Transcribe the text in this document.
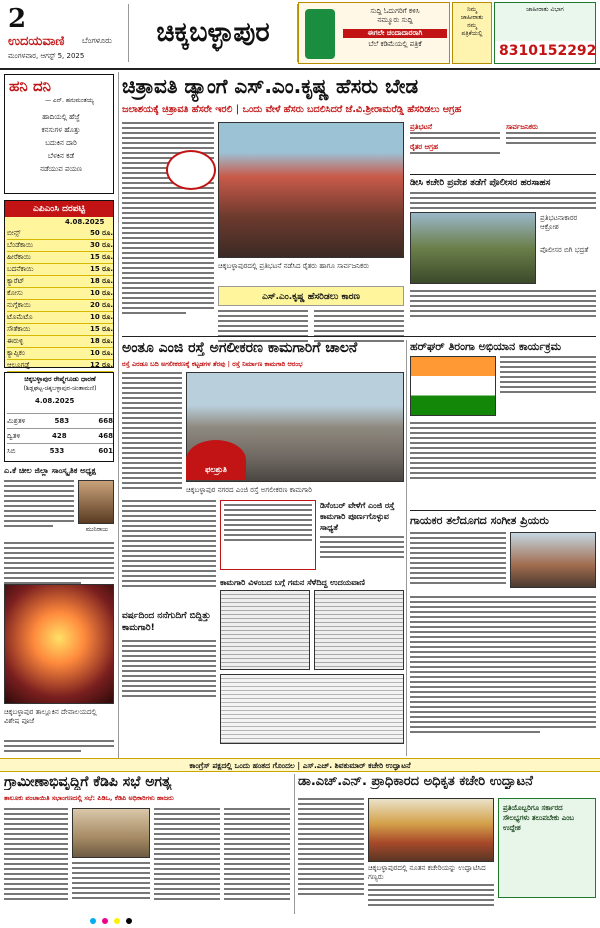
2
ಉದಯವಾಣಿ ಬೆಂಗಳೂರು
ಮಂಗಳವಾರ, ಆಗಸ್ಟ್ 5, 2025
ಚಿಕ್ಕಬಳ್ಳಾಪುರ
ಸುದ್ದಿ ಓದುಗರಿಗೆ ಕಳಿಸಿ
ನಮ್ಮೂರು ಸುದ್ದಿ
ಈಗಲೇ ಚಂದಾದಾರರಾಗಿ
ಬೆಲೆ ಕಡಿಮೆಯಲ್ಲಿ ಪತ್ರಿಕೆ
ನಿಮ್ಮ ಜಾಹೀರಾತು
ನಮ್ಮ ಪತ್ರಿಕೆಯಲ್ಲಿ
ಜಾಹೀರಾತು ವಿಭಾಗ
8310152292
ಹನಿ ದನಿ
— ಎನ್. ಹನುಮಂತಯ್ಯ
ಹಾದಿಯಲ್ಲಿ ಹೆಜ್ಜೆ
ಕನಸುಗಳ ಹೊತ್ತು
ಬದುಕಿನ ದಾರಿ
ಬೆಳಕಿನ ಕಡೆ
ನಡೆಯುವ ಪಯಣ
ಎಪಿಎಂಸಿ ದರಪಟ್ಟಿ
4.08.2025
ಬೀನ್ಸ್	50 ರೂ.
ಬೆಂಡೆಕಾಯಿ	30 ರೂ.
ಹೀರೆಕಾಯಿ	15 ರೂ.
ಬದನೆಕಾಯಿ	15 ರೂ.
ಕ್ಯಾರೆಟ್	18 ರೂ.
ಕೋಸು	10 ರೂ.
ನುಗ್ಗೆಕಾಯಿ	20 ರೂ.
ಟೊಮೆಟೊ	10 ರೂ.
ಸೌತೆಕಾಯಿ	15 ರೂ.
ಈರುಳ್ಳಿ	18 ರೂ.
ಕ್ಯಾಪ್ಸಿಕಂ	10 ರೂ.
ಆಲೂಗಡ್ಡೆ	12 ರೂ.
ಚಿಕ್ಕಬಳ್ಳಾಪುರ ರೇಷ್ಮೆಗೂಡು ಧಾರಣೆ
(ಶಿಡ್ಲಘಟ್ಟ-ಚಿಕ್ಕಬಳ್ಳಾಪುರ-ಚಿಂತಾಮಣಿ)
4.08.2025
ಮಿಶ್ರತಳಿ	583	668
ದ್ವಿತಳಿ	428	468
ಸಿಬಿ	533	601
ಎ.ಕೆ ಚೀಲ ಜಿಲ್ಲಾ ಸಾಂಸ್ಕೃತಿಕ ಅಧ್ಯಕ್ಷ
ಮುನಿರಾಜು
ಚಿಕ್ಕಬಳ್ಳಾಪುರ ತಾಲ್ಲೂಕಿನ ದೇವಾಲಯದಲ್ಲಿ ವಿಶೇಷ ಪೂಜೆ
ಚಿತ್ರಾವತಿ ಡ್ಯಾಂಗೆ ಎಸ್.ಎಂ.ಕೃಷ್ಣ ಹೆಸರು ಬೇಡ
ಜಲಾಶಯಕ್ಕೆ ಚಿತ್ರಾವತಿ ಹೆಸರೇ ಇರಲಿ | ಒಂದು ವೇಳೆ ಹೆಸರು ಬದಲಿಸಿದರೆ ಜೆ.ವಿ.ಶ್ರೀರಾಮರೆಡ್ಡಿ ಹೆಸರಿಡಲು ಆಗ್ರಹ
ಚಿಕ್ಕಬಳ್ಳಾಪುರದಲ್ಲಿ ಪ್ರತಿಭಟನೆ ನಡೆಸಿದ ರೈತರು ಹಾಗೂ ಸಾರ್ವಜನಿಕರು
ಎಸ್.ಎಂ.ಕೃಷ್ಣ ಹೆಸರಿಡಲು ಕಾರಣ
ಪ್ರತಿಭಟನೆ
ರೈತರ ಆಗ್ರಹ
ಸಾರ್ವಜನಿಕರು
ಡೀಸಿ ಕಚೇರಿ ಪ್ರವೇಶ ತಡೆಗೆ ಪೊಲೀಸರ ಹರಸಾಹಸ
ಪ್ರತಿಭಟನಾಕಾರರ ಆಕ್ರೋಶ
ಪೊಲೀಸರ ಬಿಗಿ ಭದ್ರತೆ
ಅಂತೂ ಎಂಜಿ ರಸ್ತೆ ಅಗಲೀಕರಣ ಕಾಮಗಾರಿಗೆ ಚಾಲನೆ
ರಸ್ತೆ ಎರಡೂ ಬದಿ ಅಗಲೀಕರಣಕ್ಕೆ ಕಟ್ಟಡಗಳ ತೆರವು | ರಸ್ತೆ ನಿರ್ಮಾಣ ಕಾಮಗಾರಿ ಆರಂಭ
ಫಲಶ್ರುತಿ
ಚಿಕ್ಕಬಳ್ಳಾಪುರ ನಗರದ ಎಂಜಿ ರಸ್ತೆ ಅಗಲೀಕರಣ ಕಾಮಗಾರಿ
ಡಿಸೆಂಬರ್ ವೇಳೆಗೆ ಎಂಜಿ ರಸ್ತೆ ಕಾಮಗಾರಿ ಪೂರ್ಣಗೊಳ್ಳುವ ಸಾಧ್ಯತೆ
ವರ್ಷದಿಂದ ನನೆಗುದಿಗೆ ಬಿದ್ದಿತ್ತು ಕಾಮಗಾರಿ!
ಕಾಮಗಾರಿ ವಿಳಂಬದ ಬಗ್ಗೆ ಗಮನ ಸೆಳೆದಿದ್ದ ಉದಯವಾಣಿ
ಹರ್‌ಘರ್ ತಿರಂಗಾ ಅಭಿಯಾನ ಕಾರ್ಯಕ್ರಮ
ಗಾಯಕರ ತಲೆದೂಗದ ಸಂಗೀತ ಪ್ರಿಯರು
ಕಾಂಗ್ರೆಸ್ ಪಕ್ಷದಲ್ಲಿ ಒಂದು ಹಂತದ ಗೊಂದಲ | ಎಸ್.ಎಚ್. ಶಿವಕುಮಾರ್ ಕಚೇರಿ ಉದ್ಘಾಟನೆ
ಗ್ರಾಮೀಣಾಭಿವೃದ್ಧಿಗೆ ಕೆಡಿಪಿ ಸಭೆ ಅಗತ್ಯ
ತಾಲೂಕು ಪಂಚಾಯಿತಿ ಸಭಾಂಗಣದಲ್ಲಿ ಸಭೆ: ಪಿಡಿಒ, ಕೆಡಿಪಿ ಅಧಿಕಾರಿಗಳು ಹಾಜರು
ಡಾ.ಎಚ್.ಎನ್. ಪ್ರಾಧಿಕಾರದ ಅಧಿಕೃತ ಕಚೇರಿ ಉದ್ಘಾಟನೆ
ಚಿಕ್ಕಬಳ್ಳಾಪುರದಲ್ಲಿ ನೂತನ ಕಚೇರಿಯನ್ನು ಉದ್ಘಾಟಿಸಿದ ಗಣ್ಯರು
ಪ್ರತಿಯೊಬ್ಬರಿಗೂ ಸರ್ಕಾರದ ಸೌಲಭ್ಯಗಳು ತಲುಪಬೇಕು ಎಂಬ ಉದ್ದೇಶ
